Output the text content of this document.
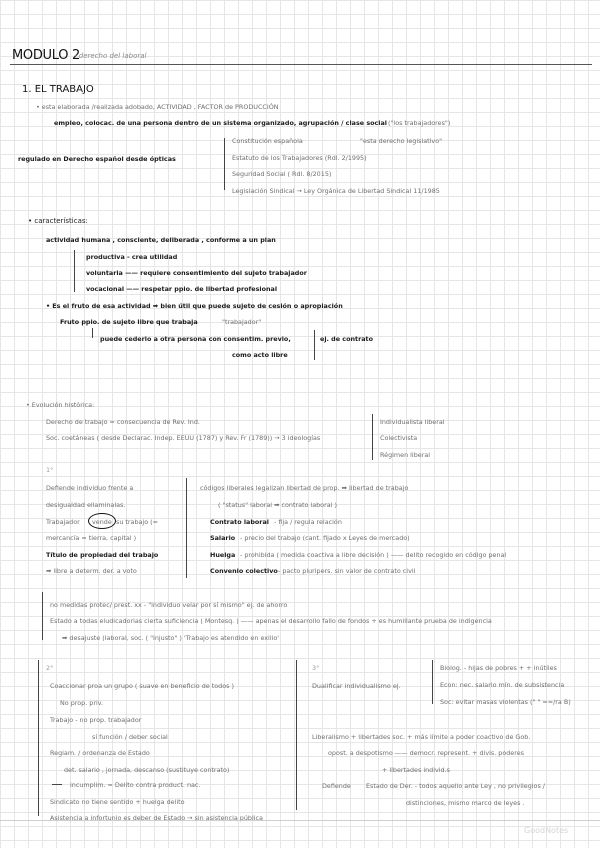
MODULO 2
- derecho del laboral
1. EL TRABAJO
• esta elaborada /realizada adobado, ACTIVIDAD , FACTOR de PRODUCCIÓN
empleo, colocac. de una persona dentro de un sistema organizado, agrupación / clase social ("los trabajadores")
Constitución española	"esta derecho legislativo"
regulado en Derecho español desde ópticas	Estatuto de los Trabajadores (Rdl. 2/1995)
Seguridad Social ( Rdl. 8/2015)
Legislación Sindical → Ley Orgánica de Libertad Sindical 11/1985
• características:
actividad humana , consciente, deliberada , conforme a un plan
productiva - crea utilidad
voluntaria —— requiere consentimiento del sujeto trabajador
vocacional —— respetar ppio. de libertad profesional
• Es el fruto de esa actividad ➡ bien útil que puede sujeto de cesión o apropiación
Fruto ppio. de sujeto libre que trabaja	"trabajador"
puede cederlo a otra persona con consentim. previo,	ej. de contrato
como acto libre
• Evolución histórica:
Derecho de trabajo = consecuencia de Rev. Ind.
Soc. coetáneas ( desde Declarac. Indep. EEUU (1787) y Rev. Fr (1789)) → 3 ideologías
Individualista liberal
Colectivista
Régimen liberal
1°
Defiende individuo frente a
desigualdad ellaminalas.
Trabajador vende su trabajo (=
mercancía = tierra, capital )
Título de propiedad del trabajo
➡ libre a determ. der. a voto
códigos liberales legalizan libertad de prop. ➡ libertad de trabajo
( "status" laboral ➡ contrato laboral )
Contrato laboral - fija / regula relación
Salario - precio del trabajo (cant. fijado x Leyes de mercado)
Huelga - prohibida ( medida coactiva a libre decisión ) —— delito recogido en código penal
Convenio colectivo - pacto pluripers. sin valor de contrato civil
no medidas protec/ prest. xx - "individuo velar por sí mismo" ej. de ahorro
Estado a todas eludicadorias cierta suficiencia ( Montesq. ) —— apenas el desarrollo fallo de fondos + es humillante prueba de indigencia
➡ desajuste (laboral, soc. ( "injusto" ) 'Trabajo es atendido en exilio'
2°
Coaccionar proa un grupo ( suave en beneficio de todos )
No prop. priv.
Trabajo - no prop. trabajador
sí función / deber social
Regiam. / ordenanza de Estado
det. salario , jornada, descanso (sustituye contrato)
incumplim. = Delito contra product. nac.
Sindicato no tiene sentido + huelga delito
Asistencia a infortunio es deber de Estado → sin asistencia pública
3°
Dualificar individualismo ej.
Biolog. - hijas de pobres + + inútiles
Econ: nec. salario mín. de subsistencia
Soc: evitar masas violentas (" " ==/ra B)
Liberalismo + libertades soc. + más límite a poder coactivo de Gob.
opost. a despotismo —— democr. represent. + divis. poderes
+ libertades individ.s
Defiende Estado de Der. - todos aquello ante Ley , no privilegios /
distinciones, mismo marco de leyes .
GoodNotes
